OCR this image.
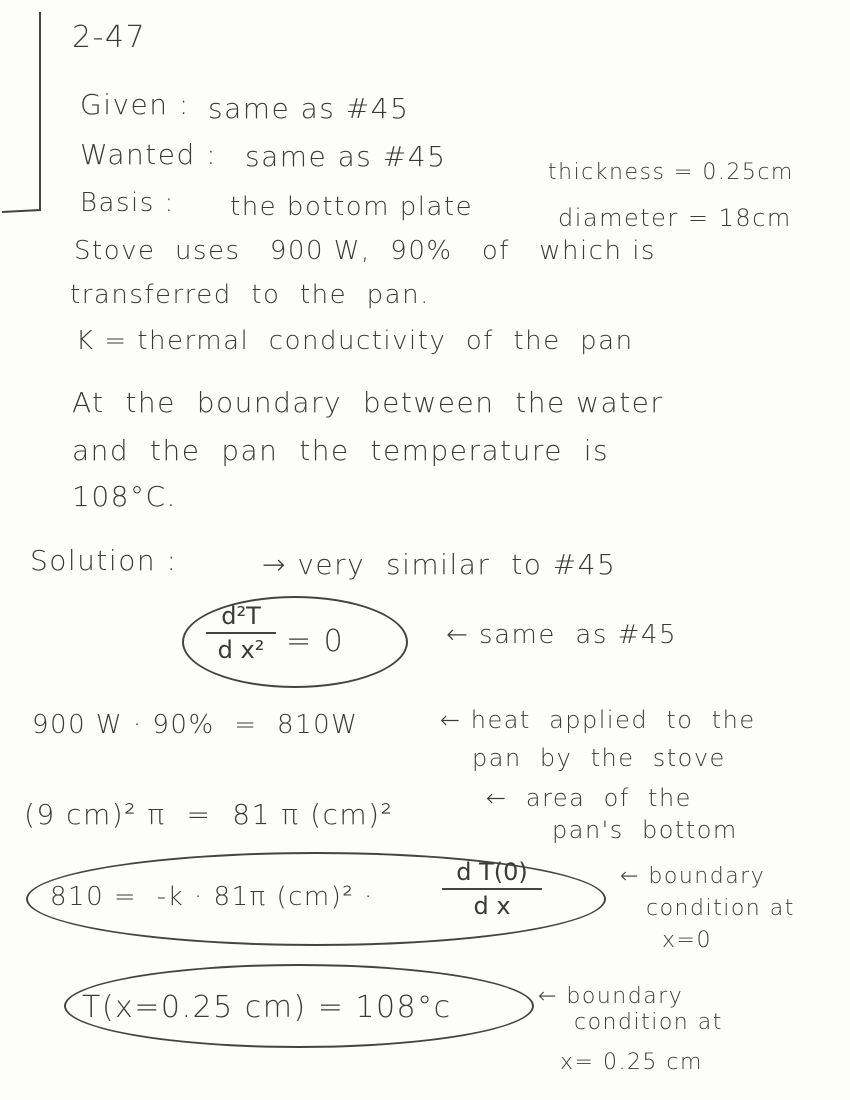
2-47
Given : same as #45
Wanted : same as #45	thickness = 0.25cm
Basis : the bottom plate	diameter = 18cm
Stove  uses   900 W,  90%   of   which is
transferred  to  the  pan.
K = thermal  conductivity  of  the  pan
At  the  boundary  between  the water
and  the  pan  the  temperature  is
108°C.
Solution :	→ very  similar  to #45
d²T
d x² = 0	← same  as #45
900 W · 90%  =  810W	← heat  applied  to  the
pan  by  the  stove
(9 cm)² π  =  81 π (cm)²	←  area  of  the
pan's  bottom
810 =  -k · 81π (cm)² ·
d T(0)
d x
← boundary
condition at
x=0
T(x=0.25 cm) = 108°c	← boundary
condition at
x= 0.25 cm
